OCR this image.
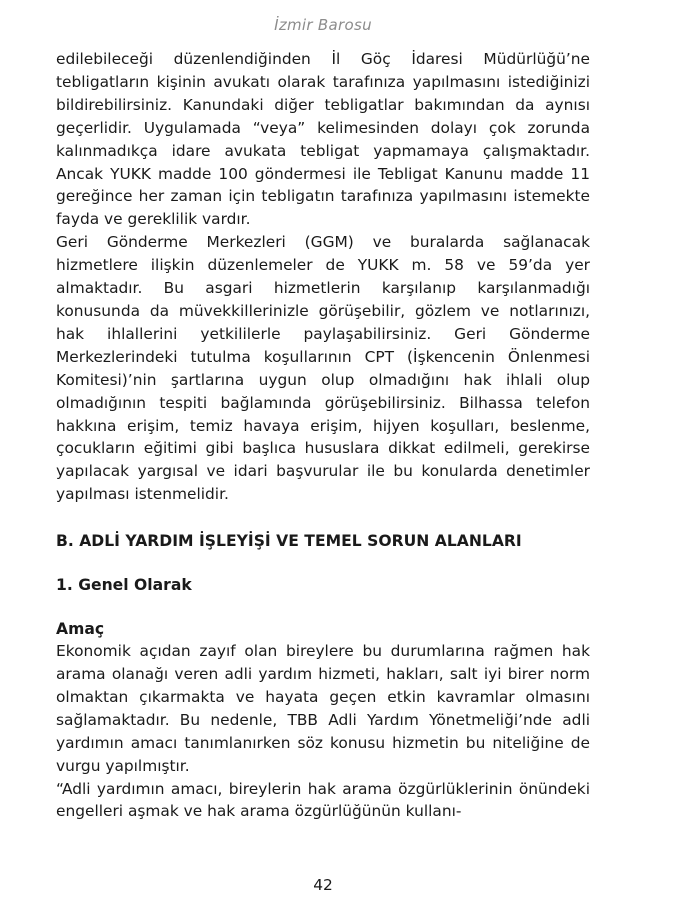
İzmir Barosu

edilebileceği düzenlendiğinden İl Göç İdaresi Müdürlüğü’ne tebligatların kişinin avukatı olarak tarafınıza yapılmasını istediğinizi bildirebilirsiniz. Kanundaki diğer tebligatlar bakımından da aynısı geçerlidir. Uygulamada “veya” kelimesinden dolayı çok zorunda kalınmadıkça idare avukata tebligat yapmamaya çalışmaktadır. Ancak YUKK madde 100 göndermesi ile Tebligat Kanunu madde 11 gereğince her zaman için tebligatın tarafınıza yapılmasını istemekte fayda ve gereklilik vardır.

Geri Gönderme Merkezleri (GGM) ve buralarda sağlanacak hizmetlere ilişkin düzenlemeler de YUKK m. 58 ve 59’da yer almaktadır. Bu asgari hizmetlerin karşılanıp karşılanmadığı konusunda da müvekkillerinizle görüşebilir, gözlem ve notlarınızı, hak ihlallerini yetkililerle paylaşabilirsiniz. Geri Gönderme Merkezlerindeki tutulma koşullarının CPT (İşkencenin Önlenmesi Komitesi)’nin şartlarına uygun olup olmadığını hak ihlali olup olmadığının tespiti bağlamında görüşebilirsiniz. Bilhassa telefon hakkına erişim, temiz havaya erişim, hijyen koşulları, beslenme, çocukların eğitimi gibi başlıca hususlara dikkat edilmeli, gerekirse yapılacak yargısal ve idari başvurular ile bu konularda denetimler yapılması istenmelidir.

B. ADLİ YARDIM İŞLEYİŞİ VE TEMEL SORUN ALANLARI
1. Genel Olarak
Amaç

Ekonomik açıdan zayıf olan bireylere bu durumlarına rağmen hak arama olanağı veren adli yardım hizmeti, hakları, salt iyi birer norm olmaktan çıkarmakta ve hayata geçen etkin kavramlar olmasını sağlamaktadır. Bu nedenle, TBB Adli Yardım Yönetmeliği’nde adli yardımın amacı tanımlanırken söz konusu hizmetin bu niteliğine de vurgu yapılmıştır.

“Adli yardımın amacı, bireylerin hak arama özgürlüklerinin önündeki engelleri aşmak ve hak arama özgürlüğünün kullanı-

42
